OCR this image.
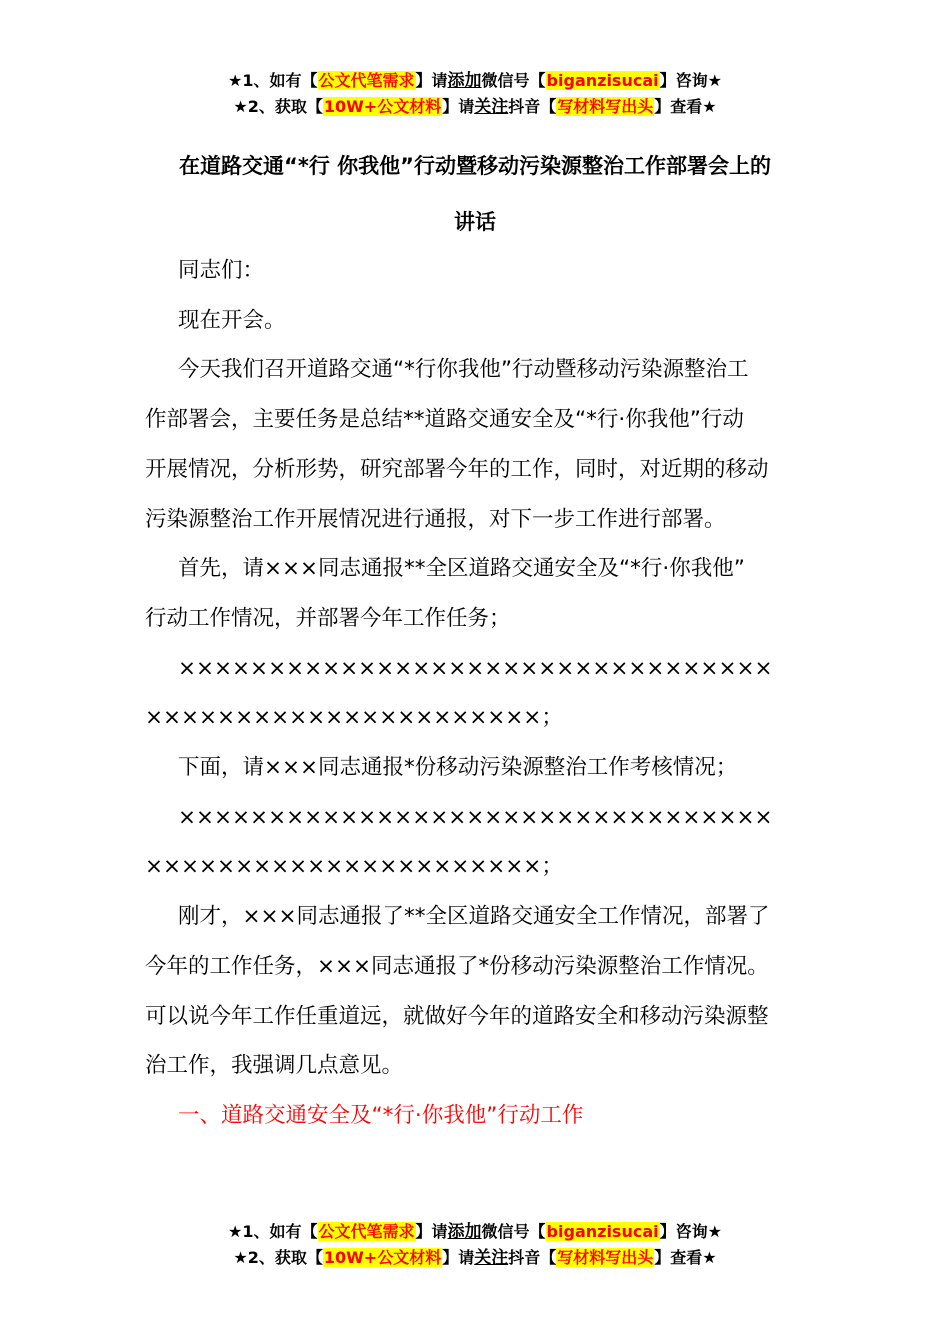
★1、如有【公文代笔需求】请添加微信号【biganzisucai】咨询★
★2、获取【10W+公文材料】请关注抖音【写材料写出头】查看★
在道路交通“*行 你我他”行动暨移动污染源整治工作部署会上的
讲话

同志们：

现在开会。

今天我们召开道路交通“*行你我他”行动暨移动污染源整治工
作部署会，主要任务是总结**道路交通安全及“*行·你我他”行动
开展情况，分析形势，研究部署今年的工作，同时，对近期的移动
污染源整治工作开展情况进行通报，对下一步工作进行部署。

首先，请×××同志通报**全区道路交通安全及“*行·你我他”
行动工作情况，并部署今年工作任务；

×××××××××××××××××××××××××××××××××
××××××××××××××××××××××；

下面，请×××同志通报*份移动污染源整治工作考核情况；

×××××××××××××××××××××××××××××××××
××××××××××××××××××××××；

刚才，×××同志通报了**全区道路交通安全工作情况，部署了
今年的工作任务，×××同志通报了*份移动污染源整治工作情况。
可以说今年工作任重道远，就做好今年的道路安全和移动污染源整
治工作，我强调几点意见。

一、道路交通安全及“*行·你我他”行动工作

★1、如有【公文代笔需求】请添加微信号【biganzisucai】咨询★
★2、获取【10W+公文材料】请关注抖音【写材料写出头】查看★
